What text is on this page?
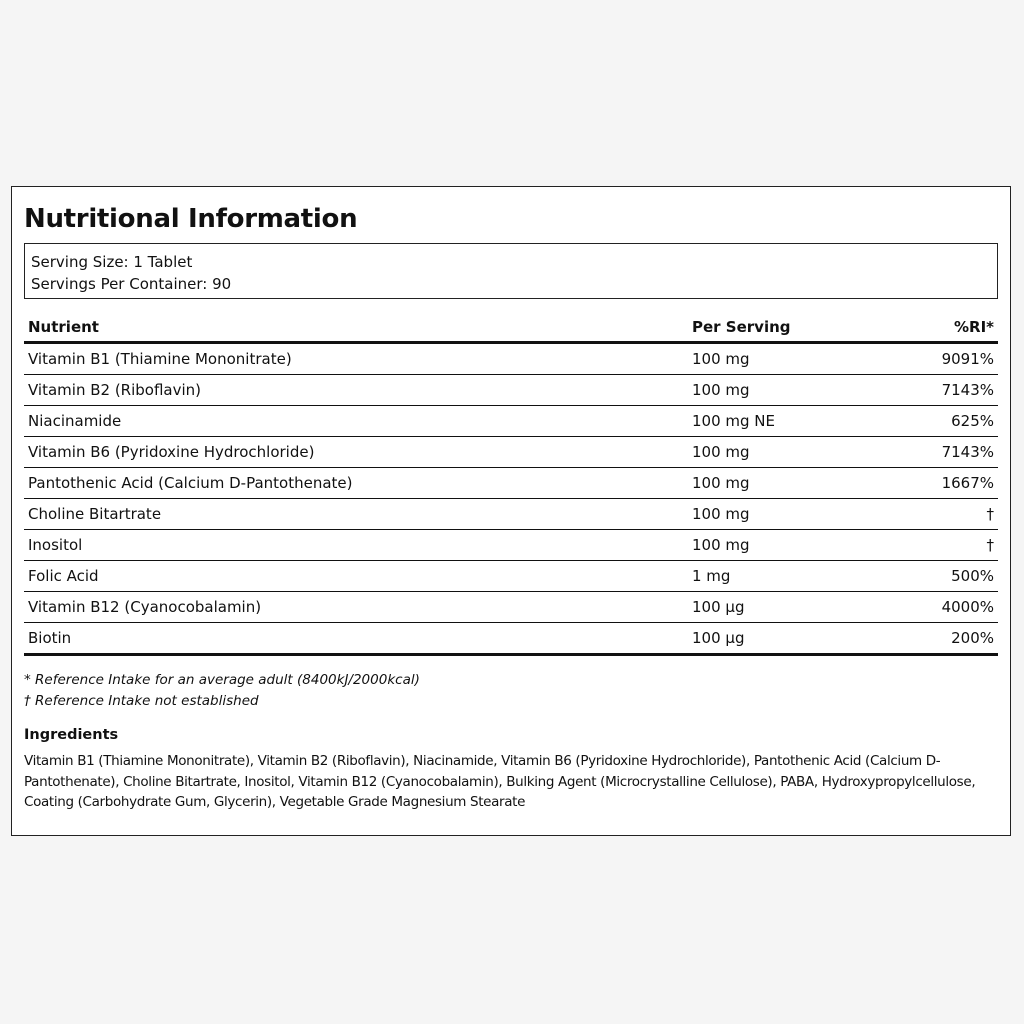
Nutritional Information
Serving Size: 1 Tablet
Servings Per Container: 90
Nutrient	Per Serving	%RI*
Vitamin B1 (Thiamine Mononitrate)	100 mg	9091%
Vitamin B2 (Riboflavin)	100 mg	7143%
Niacinamide	100 mg NE	625%
Vitamin B6 (Pyridoxine Hydrochloride)	100 mg	7143%
Pantothenic Acid (Calcium D-Pantothenate)	100 mg	1667%
Choline Bitartrate	100 mg	†
Inositol	100 mg	†
Folic Acid	1 mg	500%
Vitamin B12 (Cyanocobalamin)	100 µg	4000%
Biotin	100 µg	200%
* Reference Intake for an average adult (8400kJ/2000kcal)
† Reference Intake not established
Ingredients
Vitamin B1 (Thiamine Mononitrate), Vitamin B2 (Riboflavin), Niacinamide, Vitamin B6 (Pyridoxine Hydrochloride), Pantothenic Acid (Calcium D-Pantothenate), Choline Bitartrate, Inositol, Vitamin B12 (Cyanocobalamin), Bulking Agent (Microcrystalline Cellulose), PABA, Hydroxypropylcellulose, Coating (Carbohydrate Gum, Glycerin), Vegetable Grade Magnesium Stearate
